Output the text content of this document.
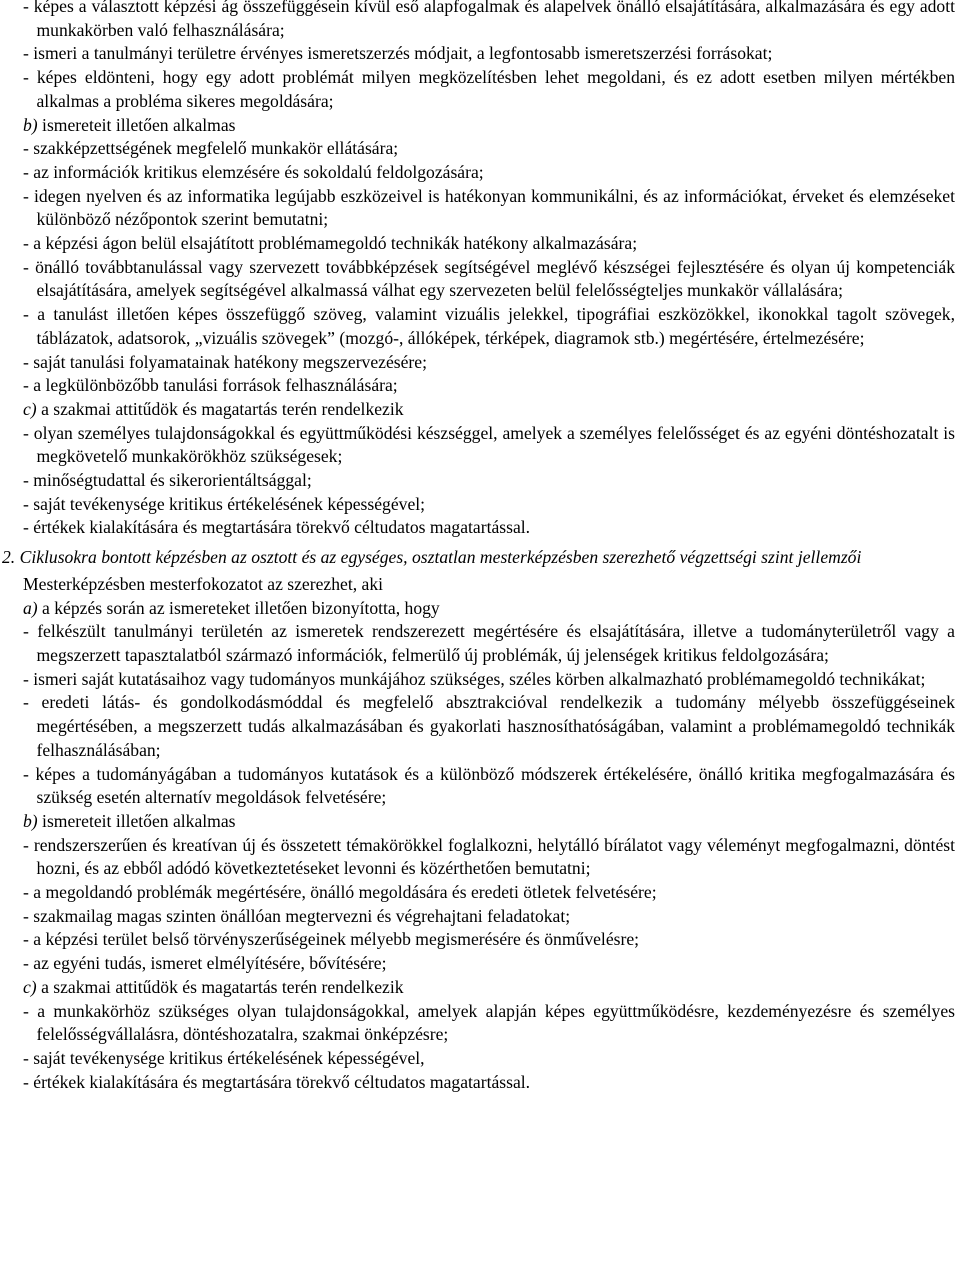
- képes a választott képzési ág összefüggésein kívül eső alapfogalmak és alapelvek önálló elsajátítására, alkalmazására és egy adott munkakörben való felhasználására;

- ismeri a tanulmányi területre érvényes ismeretszerzés módjait, a legfontosabb ismeretszerzési forrásokat;

- képes eldönteni, hogy egy adott problémát milyen megközelítésben lehet megoldani, és ez adott esetben milyen mértékben alkalmas a probléma sikeres megoldására;

b) ismereteit illetően alkalmas

- szakképzettségének megfelelő munkakör ellátására;

- az információk kritikus elemzésére és sokoldalú feldolgozására;

- idegen nyelven és az informatika legújabb eszközeivel is hatékonyan kommunikálni, és az információkat, érveket és elemzéseket különböző nézőpontok szerint bemutatni;

- a képzési ágon belül elsajátított problémamegoldó technikák hatékony alkalmazására;

- önálló továbbtanulással vagy szervezett továbbképzések segítségével meglévő készségei fejlesztésére és olyan új kompetenciák elsajátítására, amelyek segítségével alkalmassá válhat egy szervezeten belül felelősségteljes munkakör vállalására;

- a tanulást illetően képes összefüggő szöveg, valamint vizuális jelekkel, tipográfiai eszközökkel, ikonokkal tagolt szövegek, táblázatok, adatsorok, „vizuális szövegek” (mozgó-, állóképek, térképek, diagramok stb.) megértésére, értelmezésére;

- saját tanulási folyamatainak hatékony megszervezésére;

- a legkülönbözőbb tanulási források felhasználására;

c) a szakmai attitűdök és magatartás terén rendelkezik

- olyan személyes tulajdonságokkal és együttműködési készséggel, amelyek a személyes felelősséget és az egyéni döntéshozatalt is megkövetelő munkakörökhöz szükségesek;

- minőségtudattal és sikerorientáltsággal;

- saját tevékenysége kritikus értékelésének képességével;

- értékek kialakítására és megtartására törekvő céltudatos magatartással.

2. Ciklusokra bontott képzésben az osztott és az egységes, osztatlan mesterképzésben szerezhető végzettségi szint jellemzői

Mesterképzésben mesterfokozatot az szerezhet, aki

a) a képzés során az ismereteket illetően bizonyította, hogy

- felkészült tanulmányi területén az ismeretek rendszerezett megértésére és elsajátítására, illetve a tudományterületről vagy a megszerzett tapasztalatból származó információk, felmerülő új problémák, új jelenségek kritikus feldolgozására;

- ismeri saját kutatásaihoz vagy tudományos munkájához szükséges, széles körben alkalmazható problémamegoldó technikákat;

- eredeti látás- és gondolkodásmóddal és megfelelő absztrakcióval rendelkezik a tudomány mélyebb összefüggéseinek megértésében, a megszerzett tudás alkalmazásában és gyakorlati hasznosíthatóságában, valamint a problémamegoldó technikák felhasználásában;

- képes a tudományágában a tudományos kutatások és a különböző módszerek értékelésére, önálló kritika megfogalmazására és szükség esetén alternatív megoldások felvetésére;

b) ismereteit illetően alkalmas

- rendszerszerűen és kreatívan új és összetett témakörökkel foglalkozni, helytálló bírálatot vagy véleményt megfogalmazni, döntést hozni, és az ebből adódó következtetéseket levonni és közérthetően bemutatni;

- a megoldandó problémák megértésére, önálló megoldására és eredeti ötletek felvetésére;

- szakmailag magas szinten önállóan megtervezni és végrehajtani feladatokat;

- a képzési terület belső törvényszerűségeinek mélyebb megismerésére és önművelésre;

- az egyéni tudás, ismeret elmélyítésére, bővítésére;

c) a szakmai attitűdök és magatartás terén rendelkezik

- a munkakörhöz szükséges olyan tulajdonságokkal, amelyek alapján képes együttműködésre, kezdeményezésre és személyes felelősségvállalásra, döntéshozatalra, szakmai önképzésre;

- saját tevékenysége kritikus értékelésének képességével,

- értékek kialakítására és megtartására törekvő céltudatos magatartással.
